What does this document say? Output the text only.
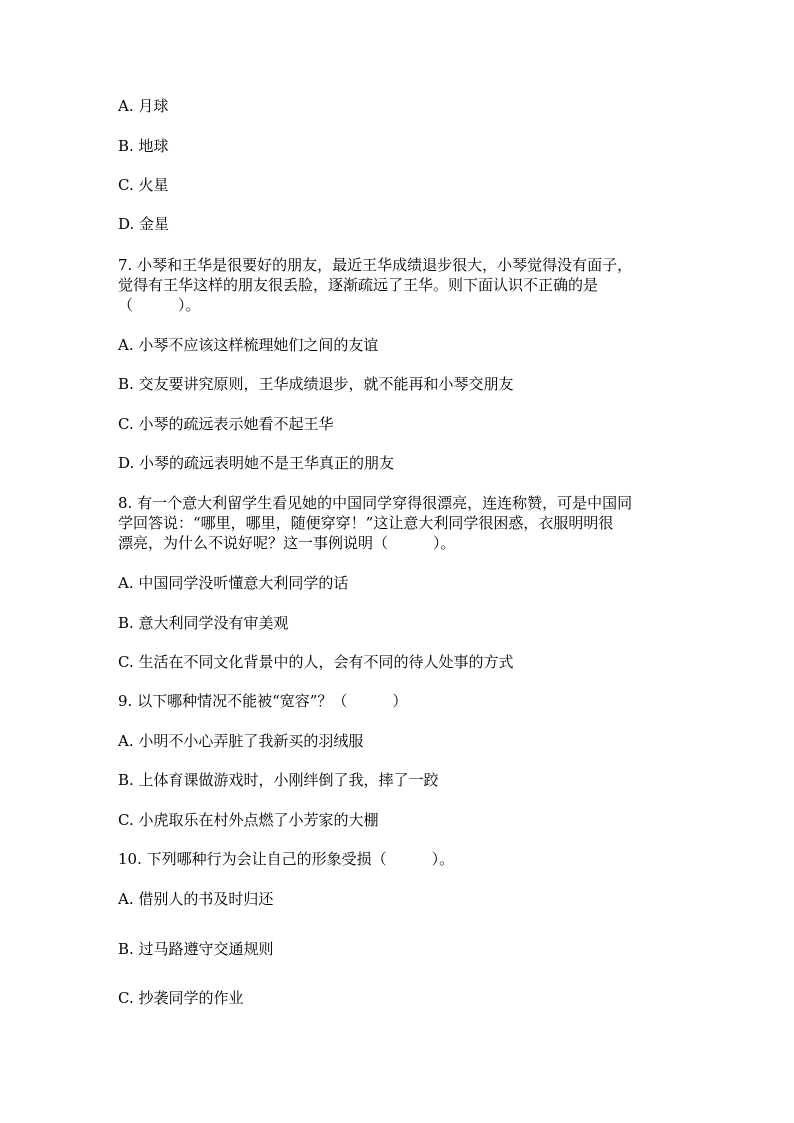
A. 月球

B. 地球

C. 火星

D. 金星

7. 小琴和王华是很要好的朋友，最近王华成绩退步很大，小琴觉得没有面子，
觉得有王华这样的朋友很丢脸，逐渐疏远了王华。则下面认识不正确的是
（　　　）。

A. 小琴不应该这样梳理她们之间的友谊

B. 交友要讲究原则，王华成绩退步，就不能再和小琴交朋友

C. 小琴的疏远表示她看不起王华

D. 小琴的疏远表明她不是王华真正的朋友

8. 有一个意大利留学生看见她的中国同学穿得很漂亮，连连称赞，可是中国同
学回答说：“哪里，哪里，随便穿穿！”这让意大利同学很困惑，衣服明明很
漂亮，为什么不说好呢？这一事例说明（　　　）。

A. 中国同学没听懂意大利同学的话

B. 意大利同学没有审美观

C. 生活在不同文化背景中的人，会有不同的待人处事的方式

9. 以下哪种情况不能被“宽容”？（　　　）

A. 小明不小心弄脏了我新买的羽绒服

B. 上体育课做游戏时，小刚绊倒了我，摔了一跤

C. 小虎取乐在村外点燃了小芳家的大棚

10. 下列哪种行为会让自己的形象受损（　　　）。

A. 借别人的书及时归还

B. 过马路遵守交通规则

C. 抄袭同学的作业
